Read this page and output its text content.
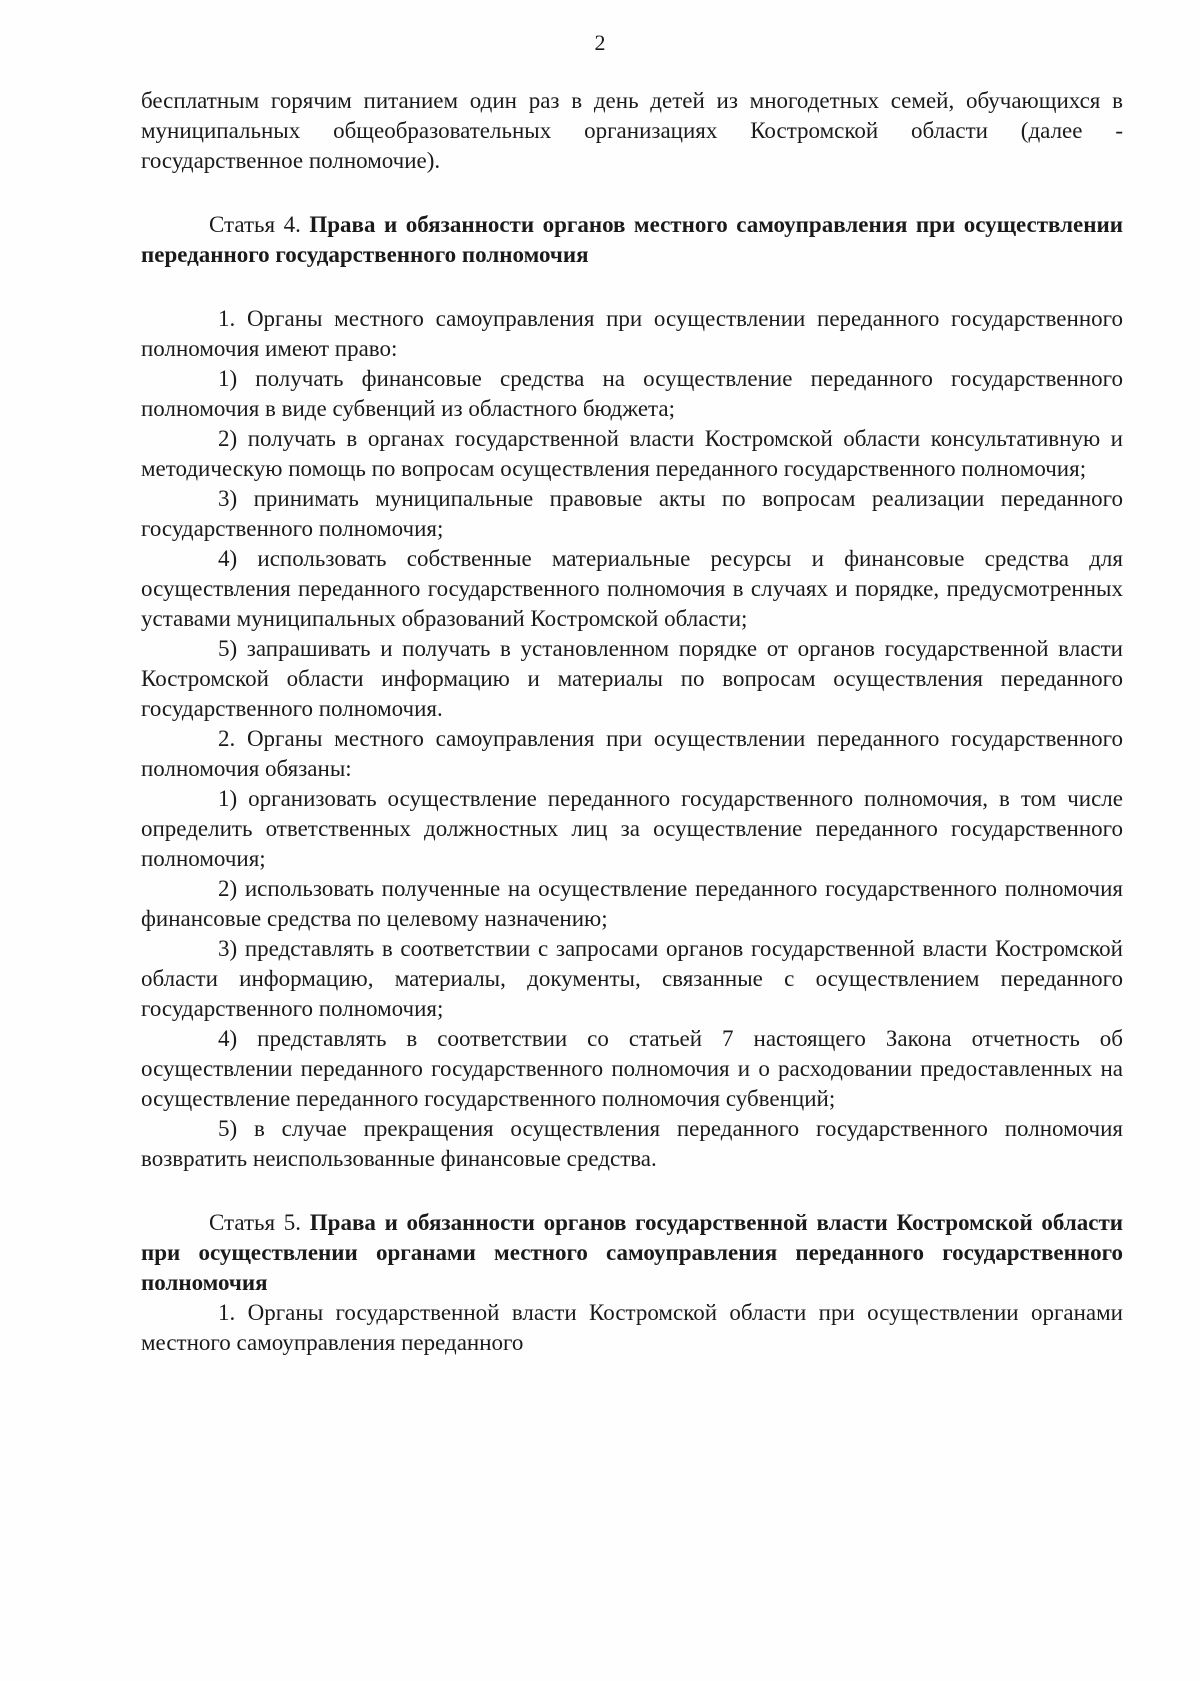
2

бесплатным горячим питанием один раз в день детей из многодетных семей, обучающихся в муниципальных общеобразовательных организациях Костромской области (далее - государственное полномочие).

Статья 4. Права и обязанности органов местного самоуправления при осуществлении переданного государственного полномочия

1. Органы местного самоуправления при осуществлении переданного государственного полномочия имеют право:

1) получать финансовые средства на осуществление переданного государственного полномочия в виде субвенций из областного бюджета;

2) получать в органах государственной власти Костромской области консультативную и методическую помощь по вопросам осуществления переданного государственного полномочия;

3) принимать муниципальные правовые акты по вопросам реализации переданного государственного полномочия;

4) использовать собственные материальные ресурсы и финансовые средства для осуществления переданного государственного полномочия в случаях и порядке, предусмотренных уставами муниципальных образований Костромской области;

5) запрашивать и получать в установленном порядке от органов государственной власти Костромской области информацию и материалы по вопросам осуществления переданного государственного полномочия.

2. Органы местного самоуправления при осуществлении переданного государственного полномочия обязаны:

1) организовать осуществление переданного государственного полномочия, в том числе определить ответственных должностных лиц за осуществление переданного государственного полномочия;

2) использовать полученные на осуществление переданного государственного полномочия финансовые средства по целевому назначению;

3) представлять в соответствии с запросами органов государственной власти Костромской области информацию, материалы, документы, связанные с осуществлением переданного государственного полномочия;

4) представлять в соответствии со статьей 7 настоящего Закона отчетность об осуществлении переданного государственного полномочия и о расходовании предоставленных на осуществление переданного государственного полномочия субвенций;

5) в случае прекращения осуществления переданного государственного полномочия возвратить неиспользованные финансовые средства.

Статья 5. Права и обязанности органов государственной власти Костромской области при осуществлении органами местного самоуправления переданного государственного полномочия

1. Органы государственной власти Костромской области при осуществлении органами местного самоуправления переданного
